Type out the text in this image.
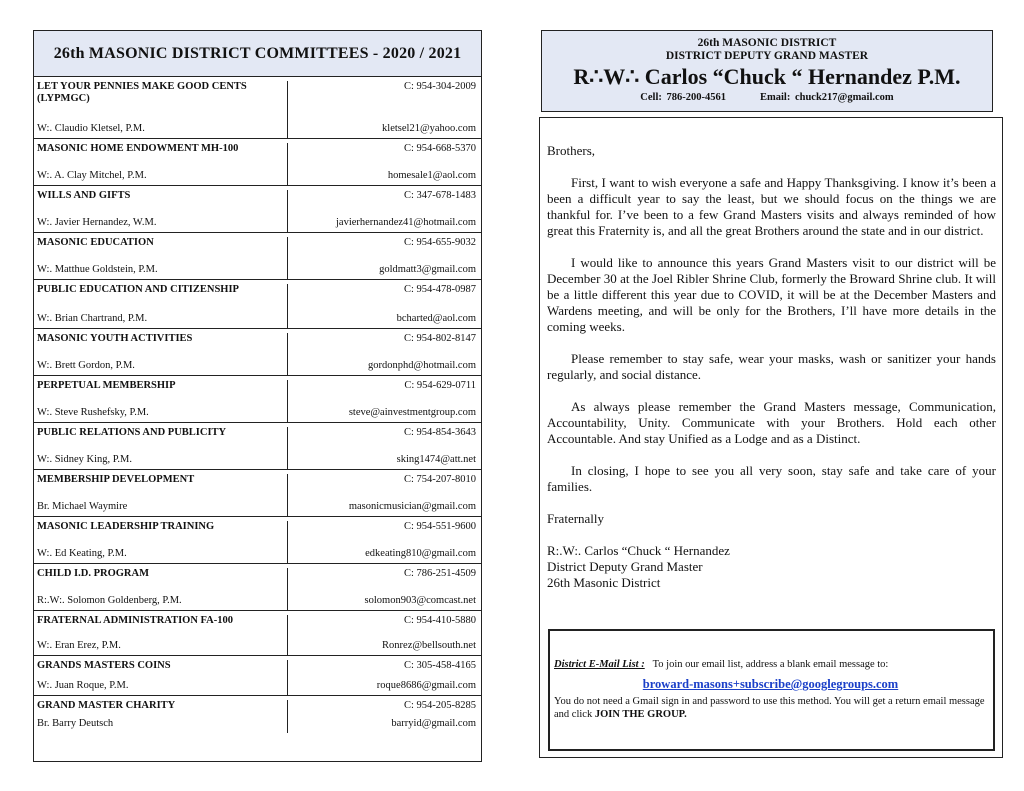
26th MASONIC DISTRICT COMMITTEES - 2020 / 2021
LET YOUR PENNIES MAKE GOOD CENTS (LYPMGC)
W:. Claudio Kletsel, P.M.
C: 954-304-2009
kletsel21@yahoo.com
MASONIC HOME ENDOWMENT MH-100
W:. A. Clay Mitchel, P.M.
C: 954-668-5370
homesale1@aol.com
WILLS AND GIFTS
W:. Javier Hernandez, W.M.
C: 347-678-1483
javierhernandez41@hotmail.com
MASONIC EDUCATION
W:. Matthue Goldstein, P.M.
C: 954-655-9032
goldmatt3@gmail.com
PUBLIC EDUCATION AND CITIZENSHIP
W:. Brian Chartrand, P.M.
C: 954-478-0987
bcharted@aol.com
MASONIC YOUTH ACTIVITIES
W:. Brett Gordon, P.M.
C: 954-802-8147
gordonphd@hotmail.com
PERPETUAL MEMBERSHIP
W:. Steve Rushefsky, P.M.
C: 954-629-0711
steve@ainvestmentgroup.com
PUBLIC RELATIONS AND PUBLICITY
W:. Sidney King, P.M.
C: 954-854-3643
sking1474@att.net
MEMBERSHIP DEVELOPMENT
Br. Michael Waymire
C: 754-207-8010
masonicmusician@gmail.com
MASONIC LEADERSHIP TRAINING
W:. Ed Keating, P.M.
C: 954-551-9600
edkeating810@gmail.com
CHILD I.D. PROGRAM
R:.W:. Solomon Goldenberg, P.M.
C: 786-251-4509
solomon903@comcast.net
FRATERNAL ADMINISTRATION FA-100
W:. Eran Erez, P.M.
C: 954-410-5880
Ronrez@bellsouth.net
GRANDS MASTERS COINS
W:. Juan Roque, P.M.
C: 305-458-4165
roque8686@gmail.com
GRAND MASTER CHARITY
Br. Barry Deutsch
C: 954-205-8285
barryid@gmail.com
26th MASONIC DISTRICT
DISTRICT DEPUTY GRAND MASTER
R∴W∴ Carlos “Chuck “ Hernandez P.M.
Cell: 786-200-4561	Email: chuck217@gmail.com

Brothers,

First, I want to wish everyone a safe and Happy Thanksgiving. I know it’s been a been a difficult year to say the least, but we should focus on the things we are thankful for. I’ve been to a few Grand Masters visits and always reminded of how great this Fraternity is, and all the great Brothers around the state and in our district.

I would like to announce this years Grand Masters visit to our district will be December 30 at the Joel Ribler Shrine Club, formerly the Broward Shrine club. It will be a little different this year due to COVID, it will be at the December Masters and Wardens meeting, and will be only for the Brothers, I’ll have more details in the coming weeks.

Please remember to stay safe, wear your masks, wash or sanitizer your hands regularly, and social distance.

As always please remember the Grand Masters message, Communication, Accountability, Unity. Communicate with your Brothers. Hold each other Accountable. And stay Unified as a Lodge and as a Distinct.

In closing, I hope to see you all very soon, stay safe and take care of your families.

Fraternally

R:.W:. Carlos “Chuck “ Hernandez

District Deputy Grand Master

26th Masonic District

District E-Mail List : To join our email list, address a blank email message to:
broward-masons+subscribe@googlegroups.com
You do not need a Gmail sign in and password to use this method. You will get a return email message and click JOIN THE GROUP.
